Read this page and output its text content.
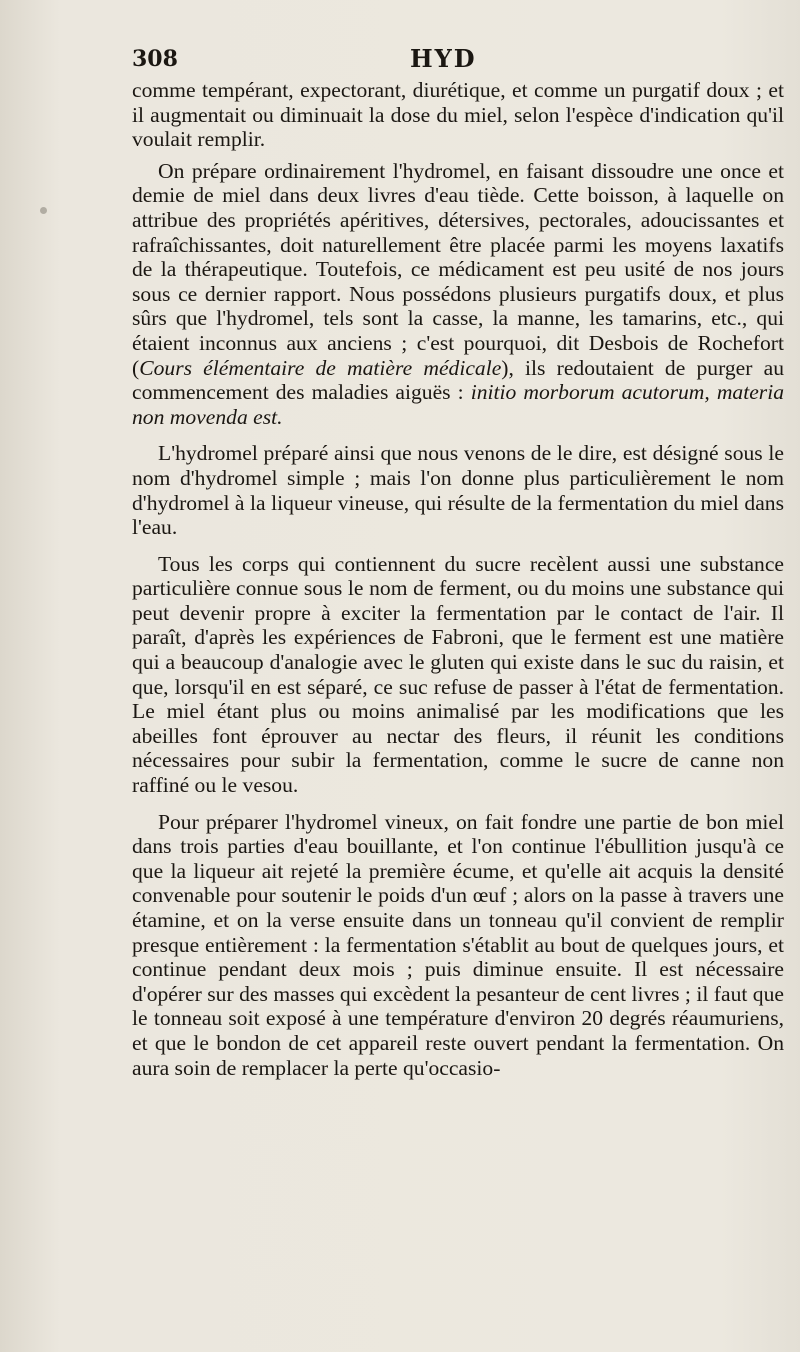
308	HYD

comme tempérant, expectorant, diurétique, et comme un purgatif doux ; et il augmentait ou diminuait la dose du miel, selon l'espèce d'indication qu'il voulait remplir.

On prépare ordinairement l'hydromel, en faisant dissoudre une once et demie de miel dans deux livres d'eau tiède. Cette boisson, à laquelle on attribue des propriétés apéritives, détersives, pectorales, adoucissantes et rafraîchissantes, doit naturellement être placée parmi les moyens laxatifs de la thérapeutique. Toutefois, ce médicament est peu usité de nos jours sous ce dernier rapport. Nous possédons plusieurs purgatifs doux, et plus sûrs que l'hydromel, tels sont la casse, la manne, les tamarins, etc., qui étaient inconnus aux anciens ; c'est pourquoi, dit Desbois de Rochefort (Cours élémentaire de matière médicale), ils redoutaient de purger au commencement des maladies aiguës : initio morborum acutorum, materia non movenda est.

L'hydromel préparé ainsi que nous venons de le dire, est désigné sous le nom d'hydromel simple ; mais l'on donne plus particulièrement le nom d'hydromel à la liqueur vineuse, qui résulte de la fermentation du miel dans l'eau.

Tous les corps qui contiennent du sucre recèlent aussi une substance particulière connue sous le nom de ferment, ou du moins une substance qui peut devenir propre à exciter la fermentation par le contact de l'air. Il paraît, d'après les expériences de Fabroni, que le ferment est une matière qui a beaucoup d'analogie avec le gluten qui existe dans le suc du raisin, et que, lorsqu'il en est séparé, ce suc refuse de passer à l'état de fermentation. Le miel étant plus ou moins animalisé par les modifications que les abeilles font éprouver au nectar des fleurs, il réunit les conditions nécessaires pour subir la fermentation, comme le sucre de canne non raffiné ou le vesou.

Pour préparer l'hydromel vineux, on fait fondre une partie de bon miel dans trois parties d'eau bouillante, et l'on continue l'ébullition jusqu'à ce que la liqueur ait rejeté la première écume, et qu'elle ait acquis la densité convenable pour soutenir le poids d'un œuf ; alors on la passe à travers une étamine, et on la verse ensuite dans un tonneau qu'il convient de remplir presque entièrement : la fermentation s'établit au bout de quelques jours, et continue pendant deux mois ; puis diminue ensuite. Il est nécessaire d'opérer sur des masses qui excèdent la pesanteur de cent livres ; il faut que le tonneau soit exposé à une température d'environ 20 degrés réaumuriens, et que le bondon de cet appareil reste ouvert pendant la fermentation. On aura soin de remplacer la perte qu'occasio-
